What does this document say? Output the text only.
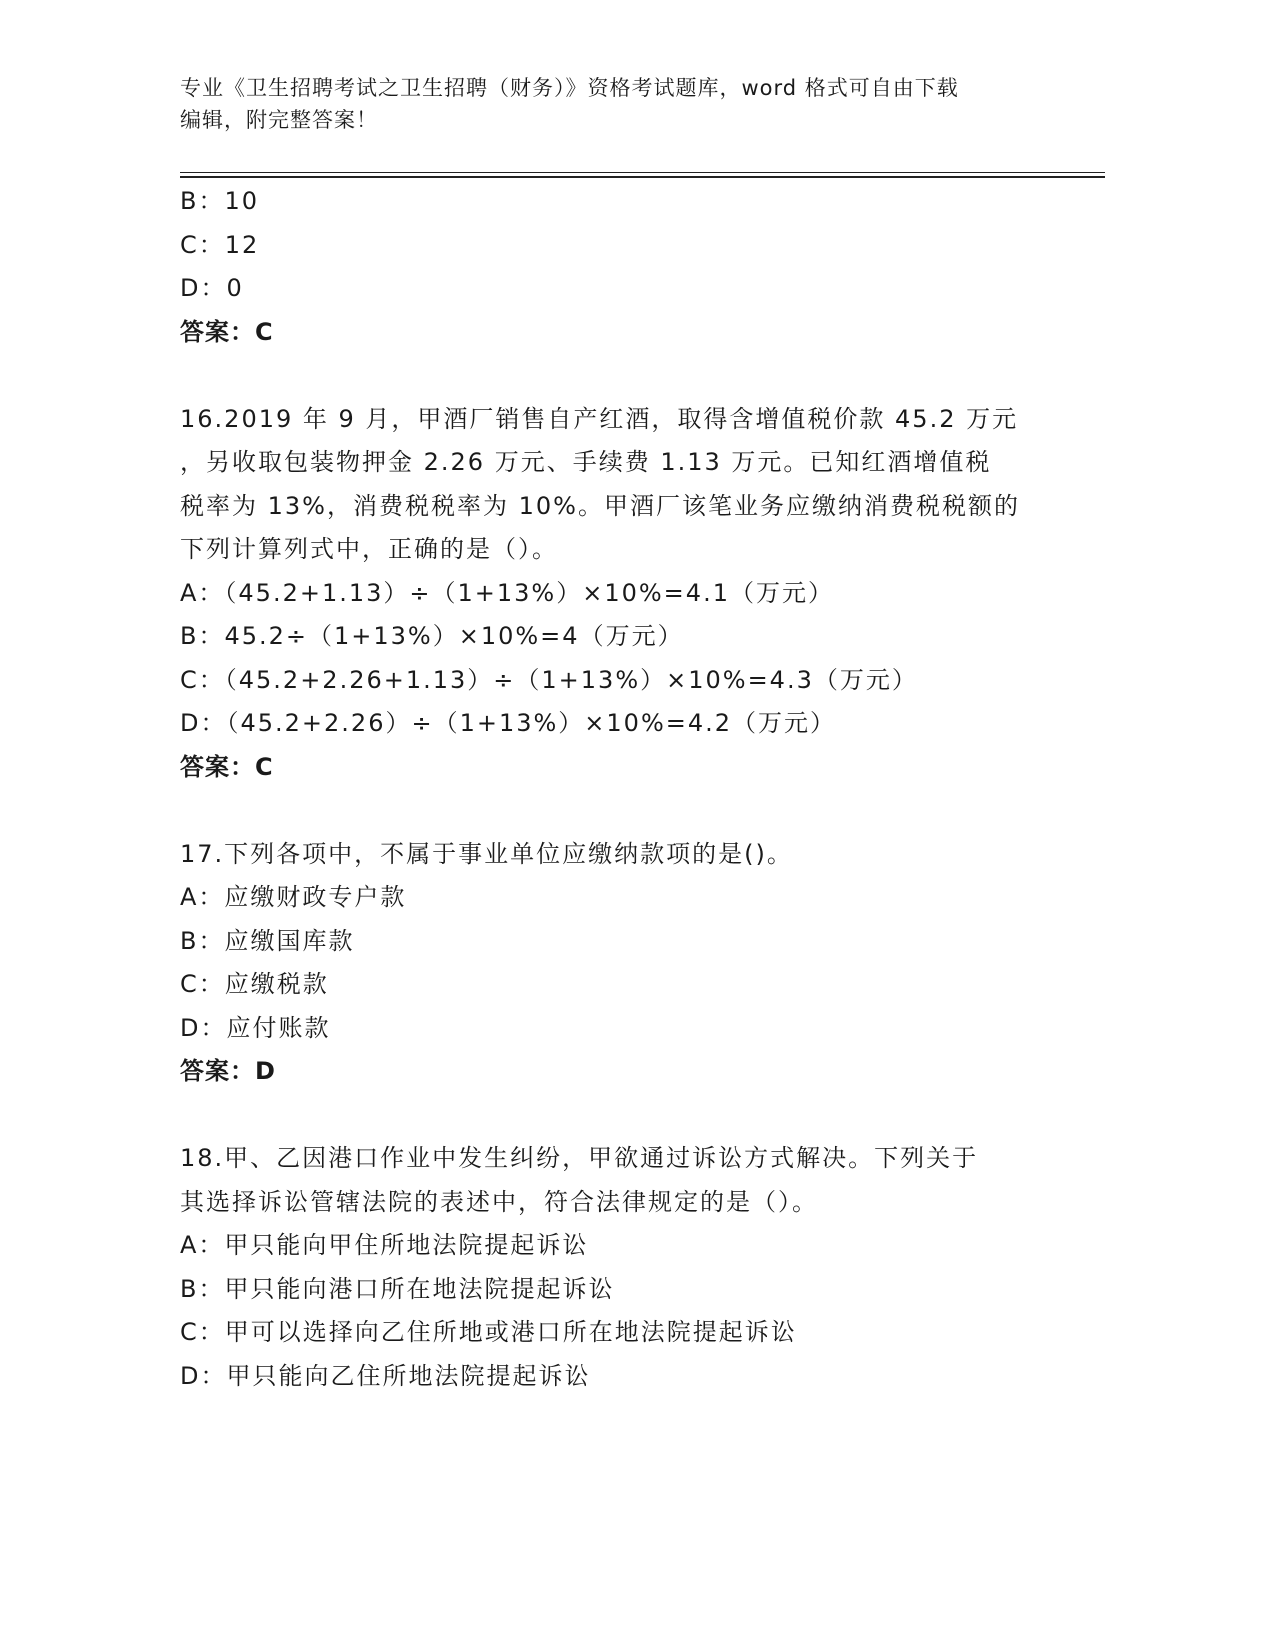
专业《卫生招聘考试之卫生招聘（财务）》资格考试题库，word 格式可自由下载
编辑，附完整答案！
B：10
C：12
D：0
答案：C
16.2019 年 9 月，甲酒厂销售自产红酒，取得含增值税价款 45.2 万元
，另收取包装物押金 2.26 万元、手续费 1.13 万元。已知红酒增值税
税率为 13%，消费税税率为 10%。甲酒厂该笔业务应缴纳消费税税额的
下列计算列式中，正确的是（）。
A：（45.2+1.13）÷（1+13%）×10%=4.1（万元）
B：45.2÷（1+13%）×10%=4（万元）
C：（45.2+2.26+1.13）÷（1+13%）×10%=4.3（万元）
D：（45.2+2.26）÷（1+13%）×10%=4.2（万元）
答案：C
17.下列各项中，不属于事业单位应缴纳款项的是()。
A：应缴财政专户款
B：应缴国库款
C：应缴税款
D：应付账款
答案：D
18.甲、乙因港口作业中发生纠纷，甲欲通过诉讼方式解决。下列关于
其选择诉讼管辖法院的表述中，符合法律规定的是（）。
A：甲只能向甲住所地法院提起诉讼
B：甲只能向港口所在地法院提起诉讼
C：甲可以选择向乙住所地或港口所在地法院提起诉讼
D：甲只能向乙住所地法院提起诉讼
